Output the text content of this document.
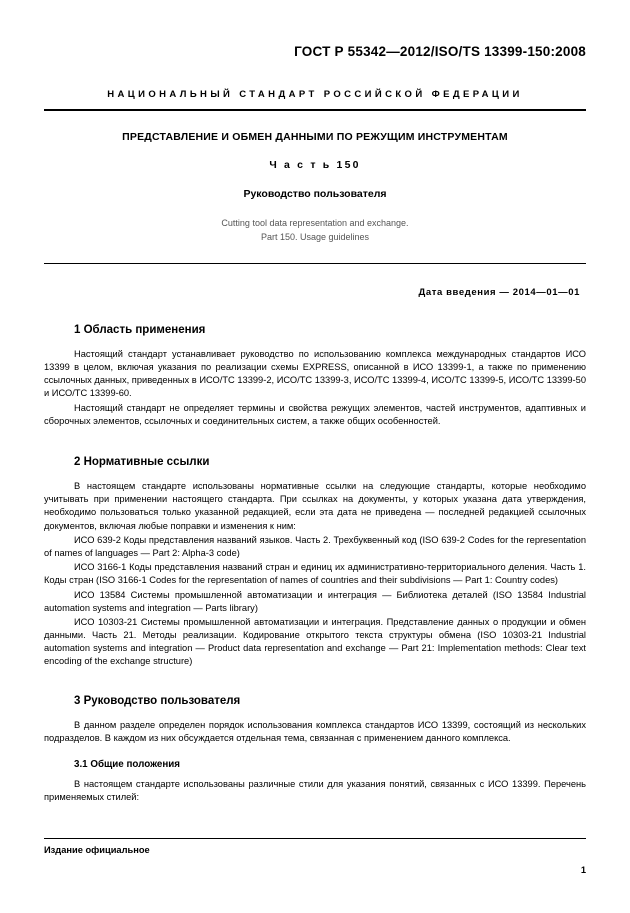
ГОСТ Р 55342—2012/ISO/TS 13399-150:2008
НАЦИОНАЛЬНЫЙ СТАНДАРТ РОССИЙСКОЙ ФЕДЕРАЦИИ
ПРЕДСТАВЛЕНИЕ И ОБМЕН ДАННЫМИ ПО РЕЖУЩИМ ИНСТРУМЕНТАМ
Ч а с т ь 150
Руководство пользователя
Cutting tool data representation and exchange.
Part 150. Usage guidelines
Дата введения — 2014—01—01
1 Область применения

Настоящий стандарт устанавливает руководство по использованию комплекса международных стандартов ИСО 13399 в целом, включая указания по реализации схемы EXPRESS, описанной в ИСО 13399-1, а также по применению ссылочных данных, приведенных в ИСО/ТС 13399-2, ИСО/ТС 13399-3, ИСО/ТС 13399-4, ИСО/ТС 13399-5, ИСО/ТС 13399-50 и ИСО/ТС 13399-60.

Настоящий стандарт не определяет термины и свойства режущих элементов, частей инструментов, адаптивных и сборочных элементов, ссылочных и соединительных систем, а также общих особенностей.

2 Нормативные ссылки

В настоящем стандарте использованы нормативные ссылки на следующие стандарты, которые необходимо учитывать при применении настоящего стандарта. При ссылках на документы, у которых указана дата утверждения, необходимо пользоваться только указанной редакцией, если эта дата не приведена — последней редакцией ссылочных документов, включая любые поправки и изменения к ним:

ИСО 639-2 Коды представления названий языков. Часть 2. Трехбуквенный код (ISO 639-2 Codes for the representation of names of languages — Part 2: Alpha-3 code)

ИСО 3166-1 Коды представления названий стран и единиц их административно-территориального деления. Часть 1. Коды стран (ISO 3166-1 Codes for the representation of names of countries and their subdivisions — Part 1: Country codes)

ИСО 13584 Системы промышленной автоматизации и интеграция — Библиотека деталей (ISO 13584 Industrial automation systems and integration — Parts library)

ИСО 10303-21 Системы промышленной автоматизации и интеграция. Представление данных о продукции и обмен данными. Часть 21. Методы реализации. Кодирование открытого текста структуры обмена (ISO 10303-21 Industrial automation systems and integration — Product data representation and exchange — Part 21: Implementation methods: Clear text encoding of the exchange structure)

3 Руководство пользователя

В данном разделе определен порядок использования комплекса стандартов ИСО 13399, состоящий из нескольких подразделов. В каждом из них обсуждается отдельная тема, связанная с применением данного комплекса.

3.1 Общие положения

В настоящем стандарте использованы различные стили для указания понятий, связанных с ИСО 13399. Перечень применяемых стилей:

Издание официальное
1
